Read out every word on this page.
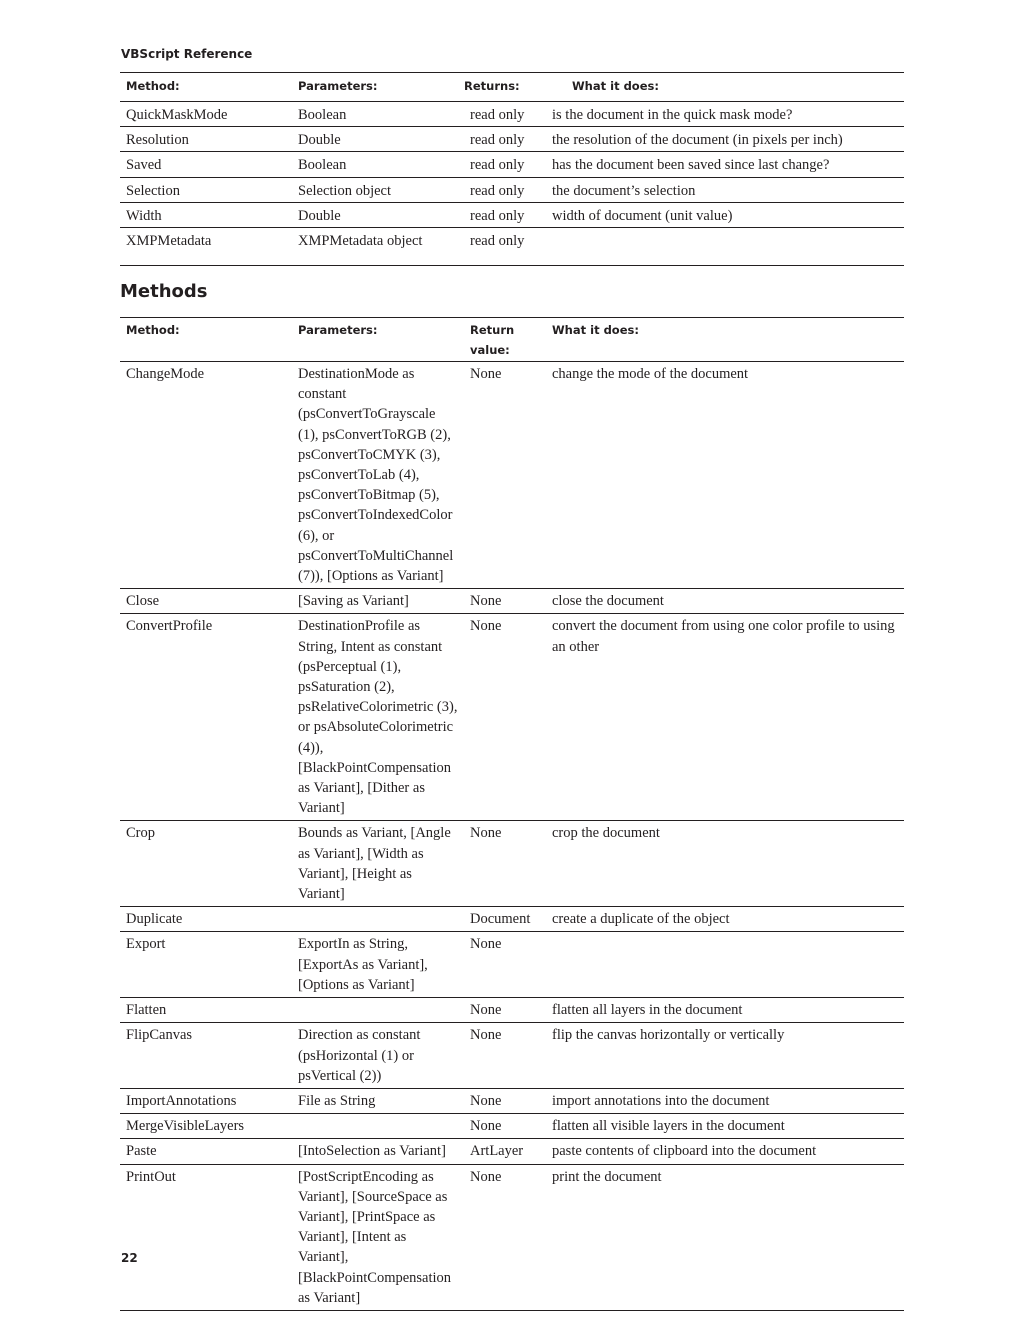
VBScript Reference
Method:	Parameters:	Returns:	What it does:
QuickMaskMode	Boolean	read only	is the document in the quick mask mode?
Resolution	Double	read only	the resolution of the document (in pixels per inch)
Saved	Boolean	read only	has the document been saved since last change?
Selection	Selection object	read only	the document’s selection
Width	Double	read only	width of document (unit value)
XMPMetadata	XMPMetadata object	read only	
Methods
Method:	Parameters:	Return value:	What it does:
ChangeMode	DestinationMode as constant (psConvertToGrayscale (1), psConvertToRGB (2), psConvertToCMYK (3), psConvertToLab (4), psConvertToBitmap (5), psConvertToIndexedColor (6), or psConvertToMultiChannel (7)), [Options as Variant]	None	change the mode of the document
Close	[Saving as Variant]	None	close the document
ConvertProfile	DestinationProfile as String, Intent as constant (psPerceptual (1), psSaturation (2), psRelativeColorimetric (3), or psAbsoluteColorimetric (4)), [BlackPointCompensation as Variant], [Dither as Variant]	None	convert the document from using one color profile to using an other
Crop	Bounds as Variant, [Angle as Variant], [Width as Variant], [Height as Variant]	None	crop the document
Duplicate		Document	create a duplicate of the object
Export	ExportIn as String, [ExportAs as Variant], [Options as Variant]	None	
Flatten		None	flatten all layers in the document
FlipCanvas	Direction as constant (psHorizontal (1) or psVertical (2))	None	flip the canvas horizontally or vertically
ImportAnnotations	File as String	None	import annotations into the document
MergeVisibleLayers		None	flatten all visible layers in the document
Paste	[IntoSelection as Variant]	ArtLayer	paste contents of clipboard into the document
PrintOut	[PostScriptEncoding as Variant], [SourceSpace as Variant], [PrintSpace as Variant], [Intent as Variant], [BlackPointCompensation as Variant]	None	print the document
22
